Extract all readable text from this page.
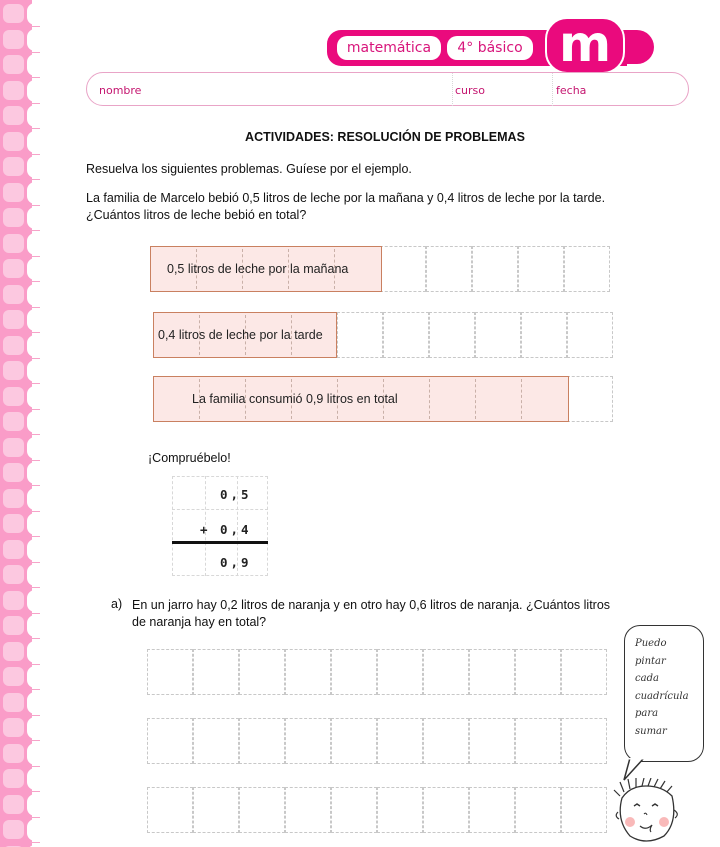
matemática	4° básico m
nombre	curso	fecha
ACTIVIDADES: RESOLUCIÓN DE PROBLEMAS
Resuelva los siguientes problemas. Guíese por el ejemplo.
La familia de Marcelo bebió 0,5 litros de leche por la mañana y 0,4 litros de leche por la tarde.
¿Cuántos litros de leche bebió en total?
0,5 litros de leche por la mañana
0,4 litros de leche por la tarde
La familia consumió 0,9 litros en total
¡Compruébelo!
0,5
+ 0,4
0,9
a) En un jarro hay 0,2 litros de naranja y en otro hay 0,6 litros de naranja. ¿Cuántos litros
de naranja hay en total?
Puedo
pintar
cada
cuadrícula
para
sumar
